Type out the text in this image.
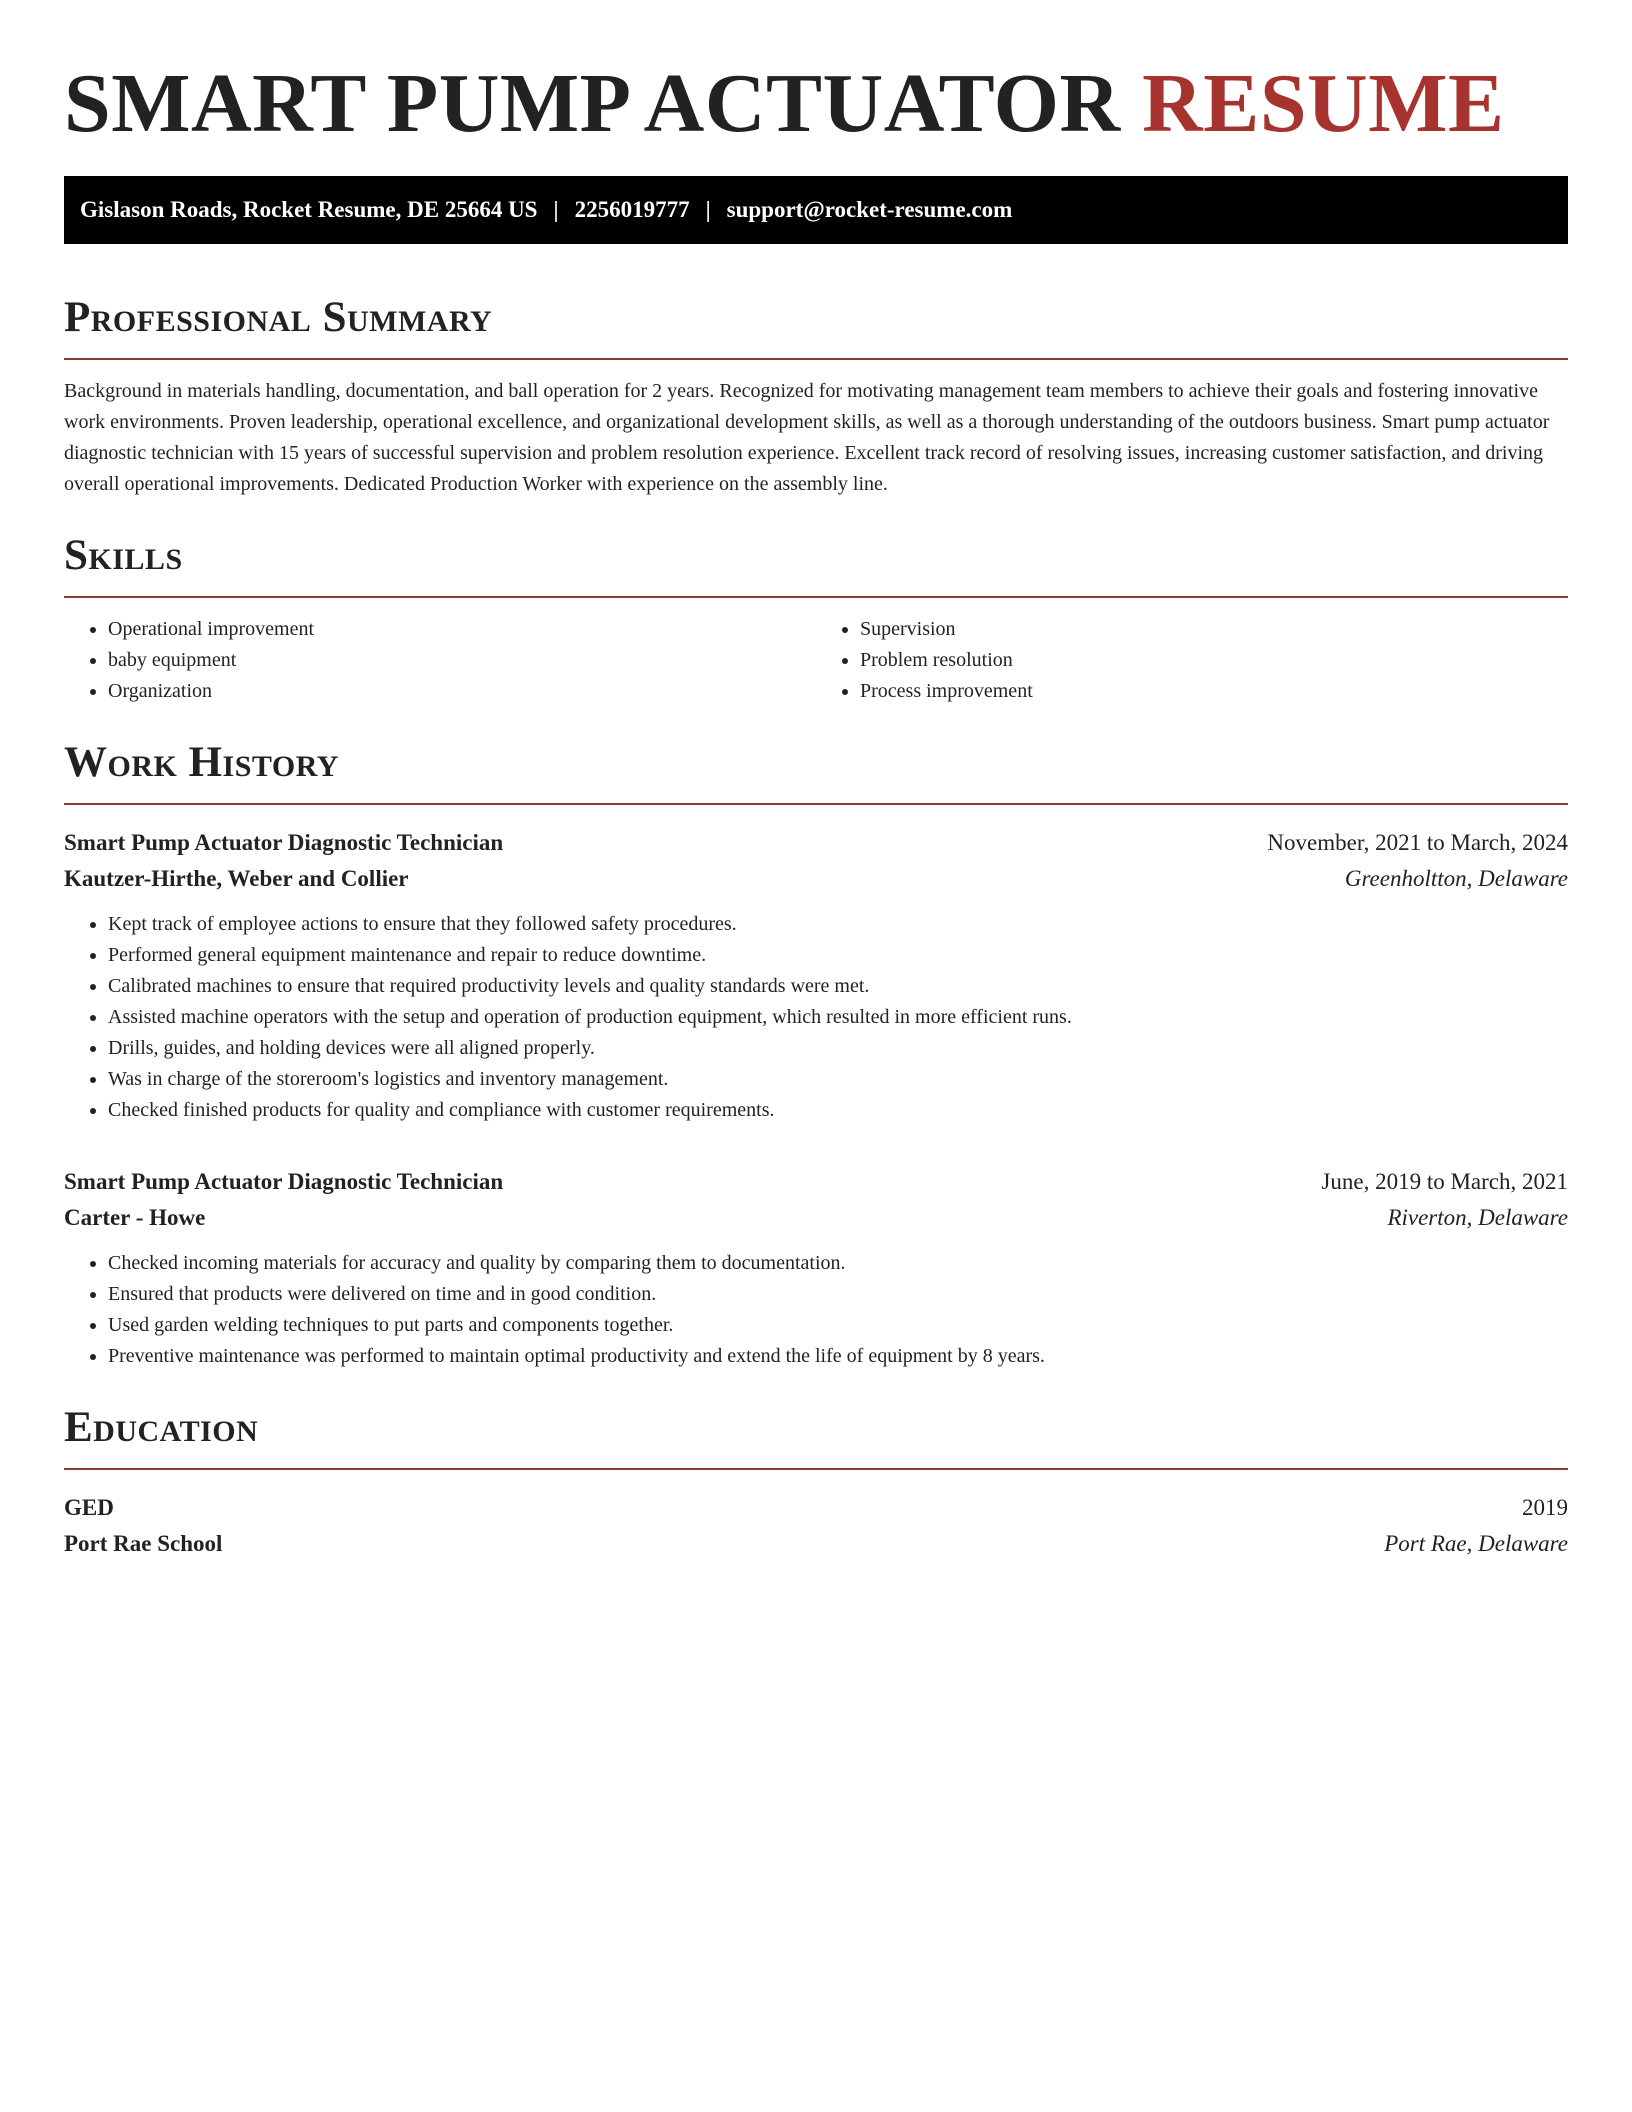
SMART PUMP ACTUATOR RESUME
Gislason Roads, Rocket Resume, DE 25664 US | 2256019777 | support@rocket-resume.com
Professional Summary

Background in materials handling, documentation, and ball operation for 2 years. Recognized for motivating management team members to achieve their goals and fostering innovative work environments. Proven leadership, operational excellence, and organizational development skills, as well as a thorough understanding of the outdoors business. Smart pump actuator diagnostic technician with 15 years of successful supervision and problem resolution experience. Excellent track record of resolving issues, increasing customer satisfaction, and driving overall operational improvements. Dedicated Production Worker with experience on the assembly line.

Skills
• Operational improvement
• baby equipment
• Organization
• Supervision
• Problem resolution
• Process improvement
Work History
Smart Pump Actuator Diagnostic Technician	November, 2021 to March, 2024
Kautzer-Hirthe, Weber and Collier	Greenholtton, Delaware
• Kept track of employee actions to ensure that they followed safety procedures.
• Performed general equipment maintenance and repair to reduce downtime.
• Calibrated machines to ensure that required productivity levels and quality standards were met.
• Assisted machine operators with the setup and operation of production equipment, which resulted in more efficient runs.
• Drills, guides, and holding devices were all aligned properly.
• Was in charge of the storeroom's logistics and inventory management.
• Checked finished products for quality and compliance with customer requirements.
Smart Pump Actuator Diagnostic Technician	June, 2019 to March, 2021
Carter - Howe	Riverton, Delaware
• Checked incoming materials for accuracy and quality by comparing them to documentation.
• Ensured that products were delivered on time and in good condition.
• Used garden welding techniques to put parts and components together.
• Preventive maintenance was performed to maintain optimal productivity and extend the life of equipment by 8 years.
Education
GED	2019
Port Rae School	Port Rae, Delaware
